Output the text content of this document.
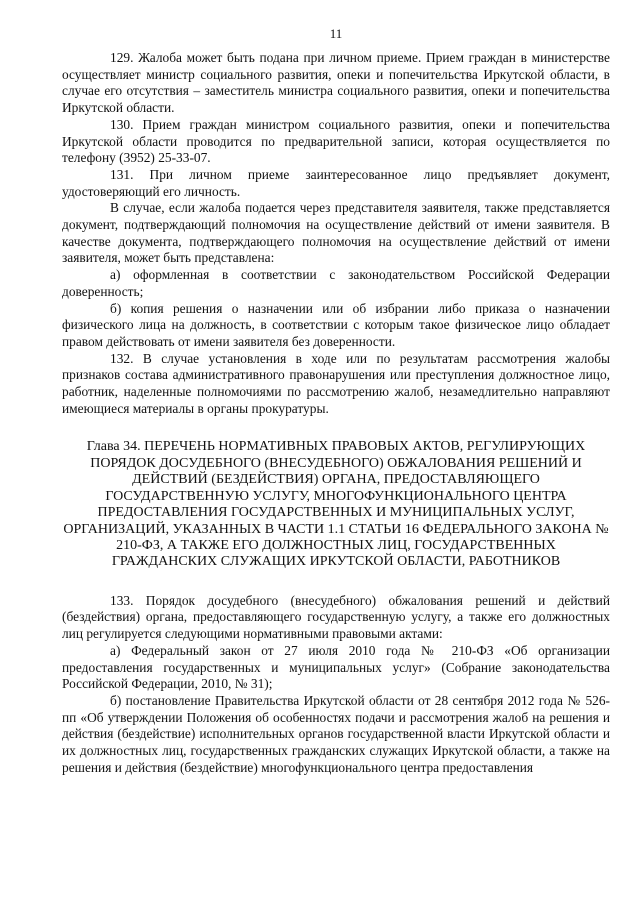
11

129. Жалоба может быть подана при личном приеме. Прием граждан в министерстве осуществляет министр социального развития, опеки и попечительства Иркутской области, в случае его отсутствия – заместитель министра социального развития, опеки и попечительства Иркутской области.

130. Прием граждан министром социального развития, опеки и попечительства Иркутской области проводится по предварительной записи, которая осуществляется по телефону (3952) 25-33-07.

131. При личном приеме заинтересованное лицо предъявляет документ, удостоверяющий его личность.

В случае, если жалоба подается через представителя заявителя, также представляется документ, подтверждающий полномочия на осуществление действий от имени заявителя. В качестве документа, подтверждающего полномочия на осуществление действий от имени заявителя, может быть представлена:

а) оформленная в соответствии с законодательством Российской Федерации доверенность;

б) копия решения о назначении или об избрании либо приказа о назначении физического лица на должность, в соответствии с которым такое физическое лицо обладает правом действовать от имени заявителя без доверенности.

132. В случае установления в ходе или по результатам рассмотрения жалобы признаков состава административного правонарушения или преступления должностное лицо, работник, наделенные полномочиями по рассмотрению жалоб, незамедлительно направляют имеющиеся материалы в органы прокуратуры.

Глава 34. ПЕРЕЧЕНЬ НОРМАТИВНЫХ ПРАВОВЫХ АКТОВ, РЕГУЛИРУЮЩИХ ПОРЯДОК ДОСУДЕБНОГО (ВНЕСУДЕБНОГО) ОБЖАЛОВАНИЯ РЕШЕНИЙ И ДЕЙСТВИЙ (БЕЗДЕЙСТВИЯ) ОРГАНА, ПРЕДОСТАВЛЯЮЩЕГО ГОСУДАРСТВЕННУЮ УСЛУГУ, МНОГОФУНКЦИОНАЛЬНОГО ЦЕНТРА ПРЕДОСТАВЛЕНИЯ ГОСУДАРСТВЕННЫХ И МУНИЦИПАЛЬНЫХ УСЛУГ, ОРГАНИЗАЦИЙ, УКАЗАННЫХ В ЧАСТИ 1.1 СТАТЬИ 16 ФЕДЕРАЛЬНОГО ЗАКОНА № 210-ФЗ, А ТАКЖЕ ЕГО ДОЛЖНОСТНЫХ ЛИЦ, ГОСУДАРСТВЕННЫХ ГРАЖДАНСКИХ СЛУЖАЩИХ ИРКУТСКОЙ ОБЛАСТИ, РАБОТНИКОВ

133. Порядок досудебного (внесудебного) обжалования решений и действий (бездействия) органа, предоставляющего государственную услугу, а также его должностных лиц регулируется следующими нормативными правовыми актами:

а) Федеральный закон от 27 июля 2010 года № 210-ФЗ «Об организации предоставления государственных и муниципальных услуг» (Собрание законодательства Российской Федерации, 2010, № 31);

б) постановление Правительства Иркутской области от 28 сентября 2012 года № 526-пп «Об утверждении Положения об особенностях подачи и рассмотрения жалоб на решения и действия (бездействие) исполнительных органов государственной власти Иркутской области и их должностных лиц, государственных гражданских служащих Иркутской области, а также на решения и действия (бездействие) многофункционального центра предоставления
